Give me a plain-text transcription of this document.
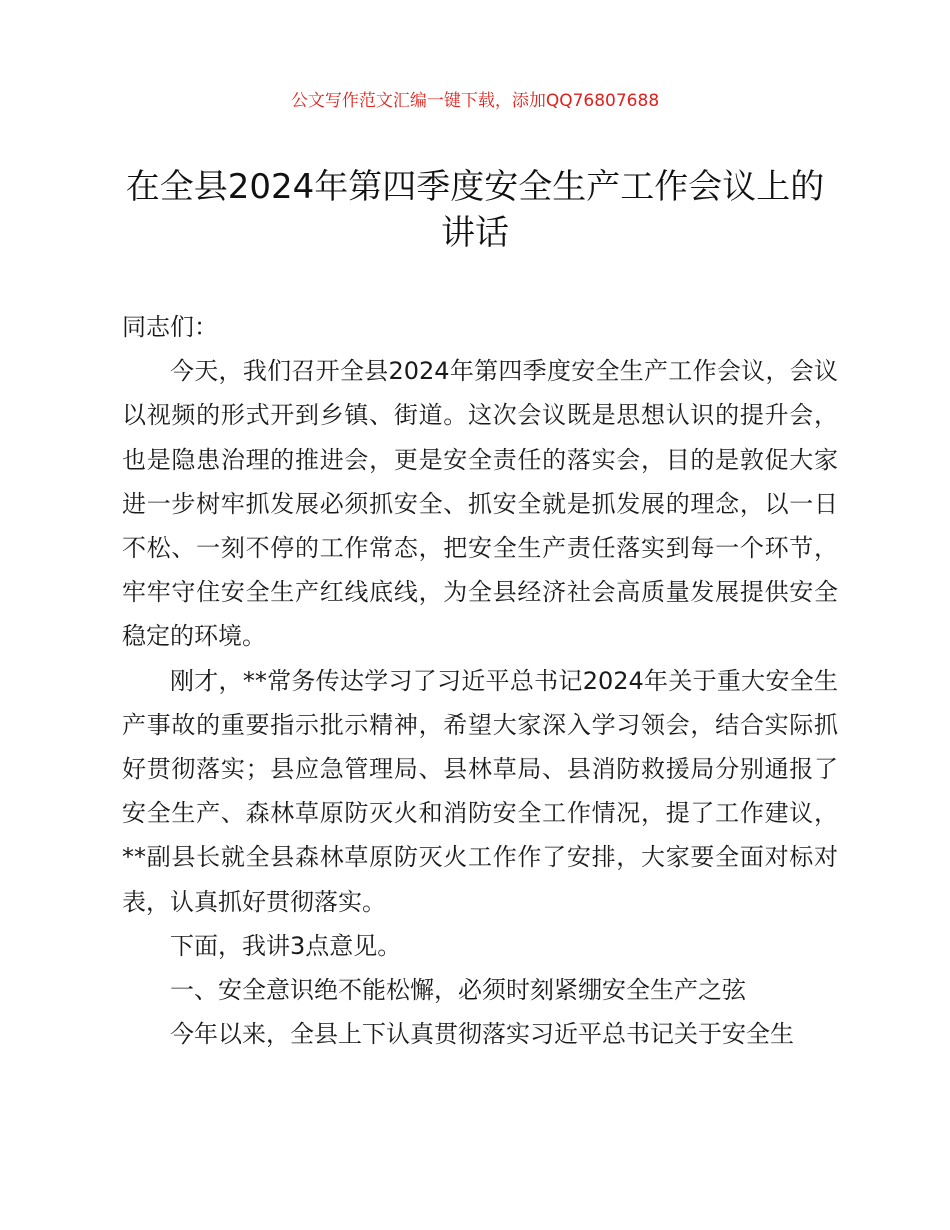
公文写作范文汇编一键下载，添加QQ76807688
在全县2024年第四季度安全生产工作会议上的讲话

同志们：

今天，我们召开全县2024年第四季度安全生产工作会议，会议以视频的形式开到乡镇、街道。这次会议既是思想认识的提升会，也是隐患治理的推进会，更是安全责任的落实会，目的是敦促大家进一步树牢抓发展必须抓安全、抓安全就是抓发展的理念，以一日不松、一刻不停的工作常态，把安全生产责任落实到每一个环节，牢牢守住安全生产红线底线，为全县经济社会高质量发展提供安全稳定的环境。

刚才，**常务传达学习了习近平总书记2024年关于重大安全生产事故的重要指示批示精神，希望大家深入学习领会，结合实际抓好贯彻落实；县应急管理局、县林草局、县消防救援局分别通报了安全生产、森林草原防灭火和消防安全工作情况，提了工作建议，**副县长就全县森林草原防灭火工作作了安排，大家要全面对标对表，认真抓好贯彻落实。

下面，我讲3点意见。

一、安全意识绝不能松懈，必须时刻紧绷安全生产之弦

今年以来，全县上下认真贯彻落实习近平总书记关于安全生
